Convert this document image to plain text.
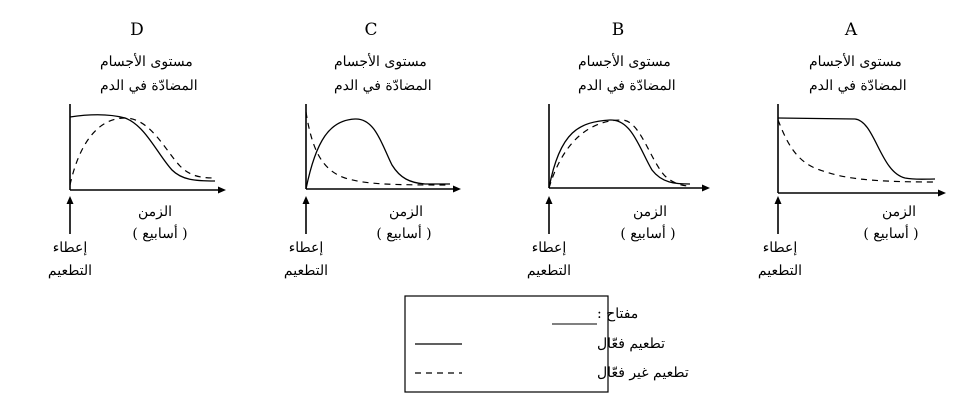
A
مستوى الأجسام
المضادّة في الدم
الزمن
( أسابيع )
إعطاء
التطعيم
B
مستوى الأجسام
المضادّة في الدم
الزمن
( أسابيع )
إعطاء
التطعيم
C
مستوى الأجسام
المضادّة في الدم
الزمن
( أسابيع )
إعطاء
التطعيم
D
مستوى الأجسام
المضادّة في الدم
الزمن
( أسابيع )
إعطاء
التطعيم
مفتاح :
تطعيم فعّال
تطعيم غير فعّال
